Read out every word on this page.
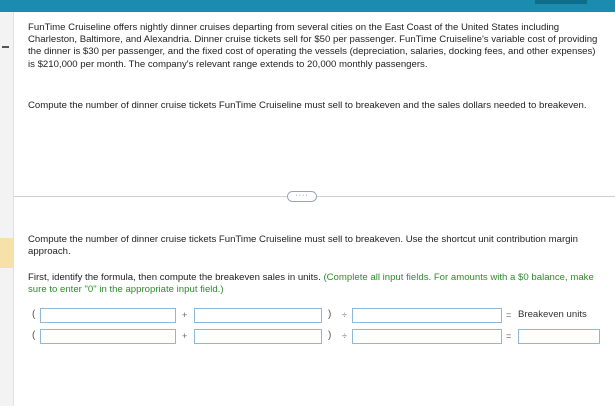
FunTime Cruiseline offers nightly dinner cruises departing from several cities on the East Coast of the United States including Charleston, Baltimore, and Alexandria. Dinner cruise tickets sell for $50 per passenger. FunTime Cruiseline's variable cost of providing the dinner is $30 per passenger, and the fixed cost of operating the vessels (depreciation, salaries, docking fees, and other expenses) is $210,000 per month. The company's relevant range extends to 20,000 monthly passengers.

Compute the number of dinner cruise tickets FunTime Cruiseline must sell to breakeven and the sales dollars needed to breakeven.

····

Compute the number of dinner cruise tickets FunTime Cruiseline must sell to breakeven. Use the shortcut unit contribution margin approach.

First, identify the formula, then compute the breakeven sales in units. (Complete all input fields. For amounts with a $0 balance, make sure to enter "0" in the appropriate input field.)

(	+	) ÷	= Breakeven units
(	+	) ÷	=
